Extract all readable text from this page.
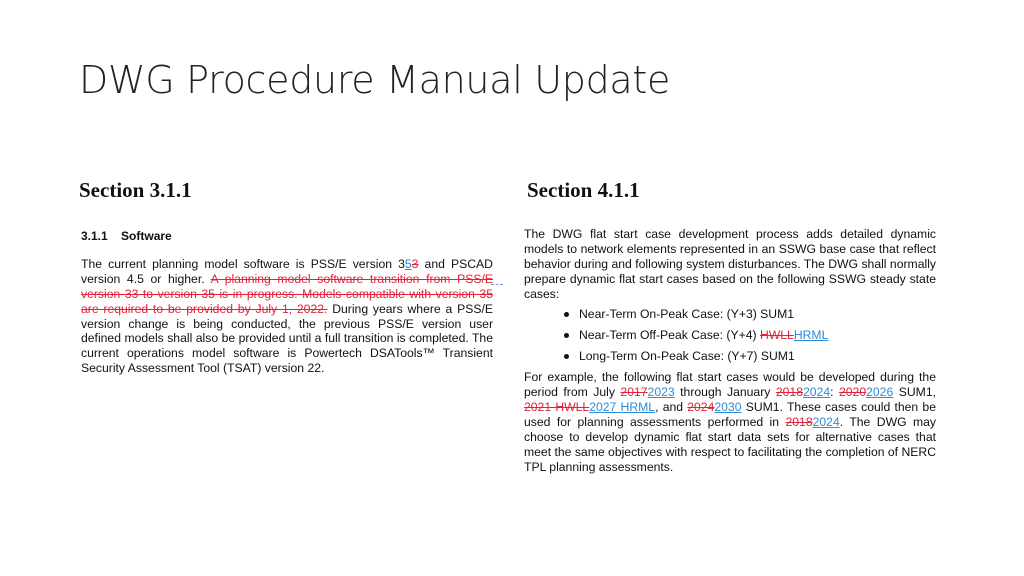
DWG Procedure Manual Update
Section 3.1.1	Section 4.1.1
3.1.1 Software

The current planning model software is PSS/E version 353 and PSCAD version 4.5 or higher. A planning model software transition from PSS/E version 33 to version 35 is in progress. Models compatible with version 35 are required to be provided by July 1, 2022. During years where a PSS/E version change is being conducted, the previous PSS/E version user defined models shall also be provided until a full transition is completed. The current operations model software is Powertech DSATools™ Transient Security Assessment Tool (TSAT) version 22.

The DWG flat start case development process adds detailed dynamic models to network elements represented in an SSWG base case that reflect behavior during and following system disturbances. The DWG shall normally prepare dynamic flat start cases based on the following SSWG steady state cases:

Near-Term On-Peak Case: (Y+3) SUM1
Near-Term Off-Peak Case: (Y+4) HWLLHRML
Long-Term On-Peak Case: (Y+7) SUM1

For example, the following flat start cases would be developed during the period from July 20172023 through January 20182024: 20202026 SUM1, 2021 HWLL2027 HRML, and 20242030 SUM1. These cases could then be used for planning assessments performed in 20182024. The DWG may choose to develop dynamic flat start data sets for alternative cases that meet the same objectives with respect to facilitating the completion of NERC TPL planning assessments.
